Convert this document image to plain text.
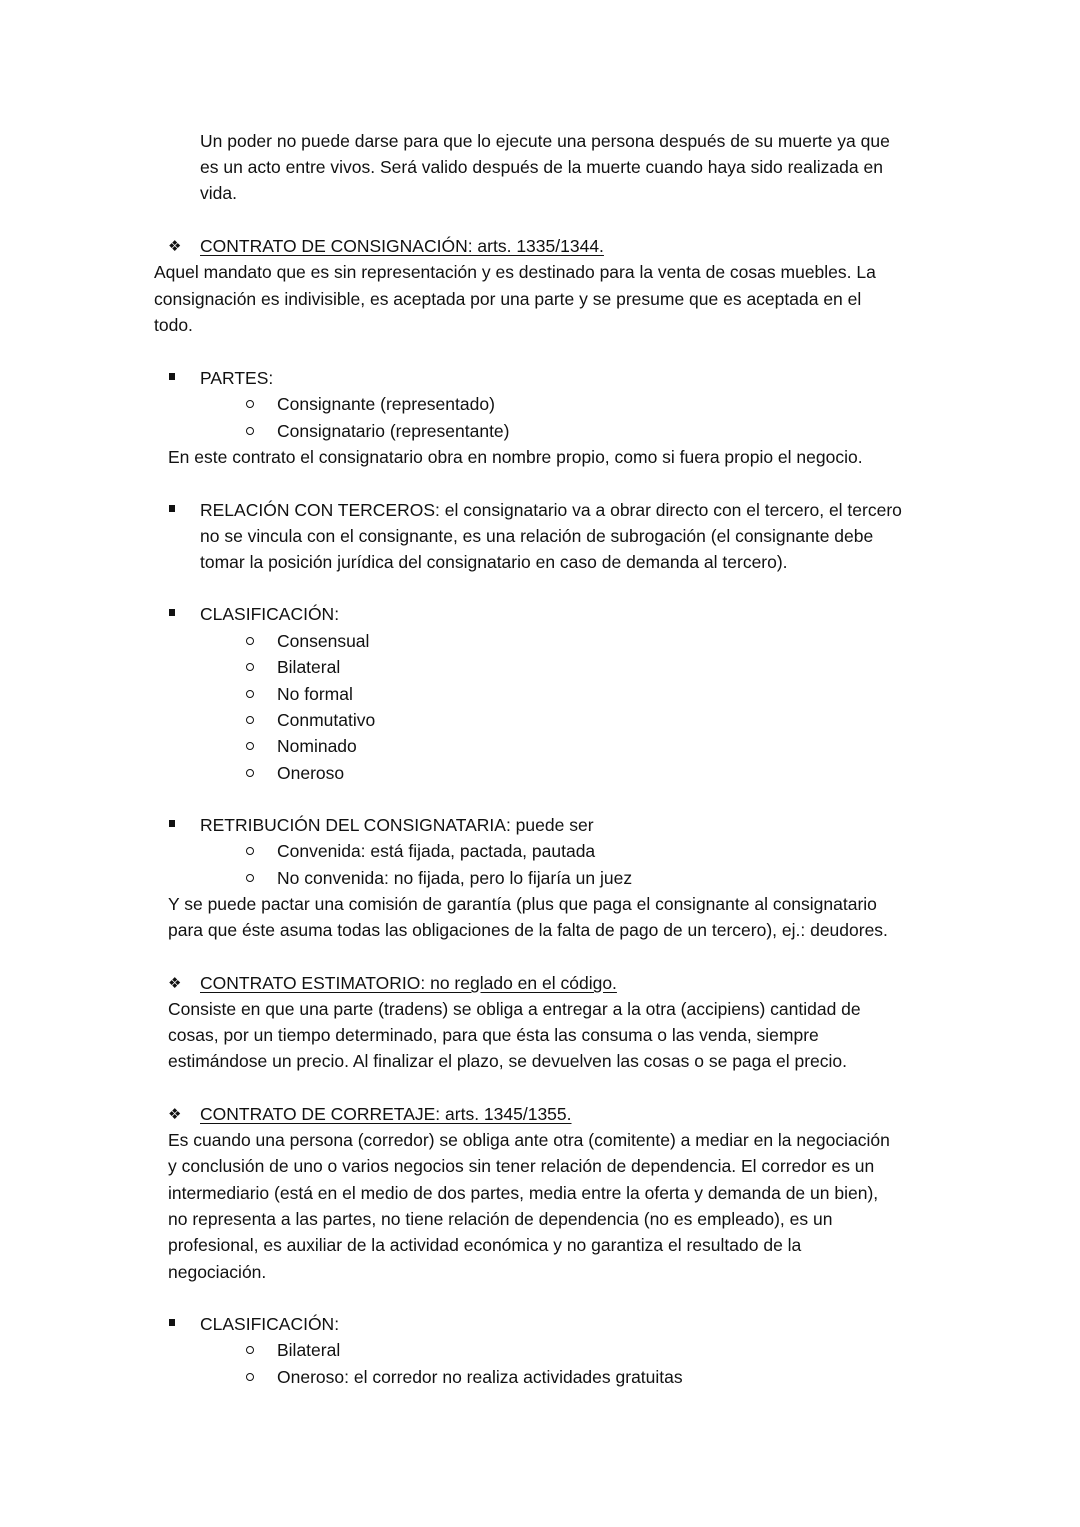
Un poder no puede darse para que lo ejecute una persona después de su muerte ya que
es un acto entre vivos. Será valido después de la muerte cuando haya sido realizada en
vida.
❖ CONTRATO DE CONSIGNACIÓN: arts. 1335/1344.
Aquel mandato que es sin representación y es destinado para la venta de cosas muebles. La
consignación es indivisible, es aceptada por una parte y se presume que es aceptada en el
todo.
PARTES:
Consignante (representado)
Consignatario (representante)
En este contrato el consignatario obra en nombre propio, como si fuera propio el negocio.
RELACIÓN CON TERCEROS: el consignatario va a obrar directo con el tercero, el tercero
no se vincula con el consignante, es una relación de subrogación (el consignante debe
tomar la posición jurídica del consignatario en caso de demanda al tercero).
CLASIFICACIÓN:
Consensual
Bilateral
No formal
Conmutativo
Nominado
Oneroso
RETRIBUCIÓN DEL CONSIGNATARIA: puede ser
Convenida: está fijada, pactada, pautada
No convenida: no fijada, pero lo fijaría un juez
Y se puede pactar una comisión de garantía (plus que paga el consignante al consignatario
para que éste asuma todas las obligaciones de la falta de pago de un tercero), ej.: deudores.
❖ CONTRATO ESTIMATORIO: no reglado en el código.
Consiste en que una parte (tradens) se obliga a entregar a la otra (accipiens) cantidad de
cosas, por un tiempo determinado, para que ésta las consuma o las venda, siempre
estimándose un precio. Al finalizar el plazo, se devuelven las cosas o se paga el precio.
❖ CONTRATO DE CORRETAJE: arts. 1345/1355.
Es cuando una persona (corredor) se obliga ante otra (comitente) a mediar en la negociación
y conclusión de uno o varios negocios sin tener relación de dependencia. El corredor es un
intermediario (está en el medio de dos partes, media entre la oferta y demanda de un bien),
no representa a las partes, no tiene relación de dependencia (no es empleado), es un
profesional, es auxiliar de la actividad económica y no garantiza el resultado de la
negociación.
CLASIFICACIÓN:
Bilateral
Oneroso: el corredor no realiza actividades gratuitas
